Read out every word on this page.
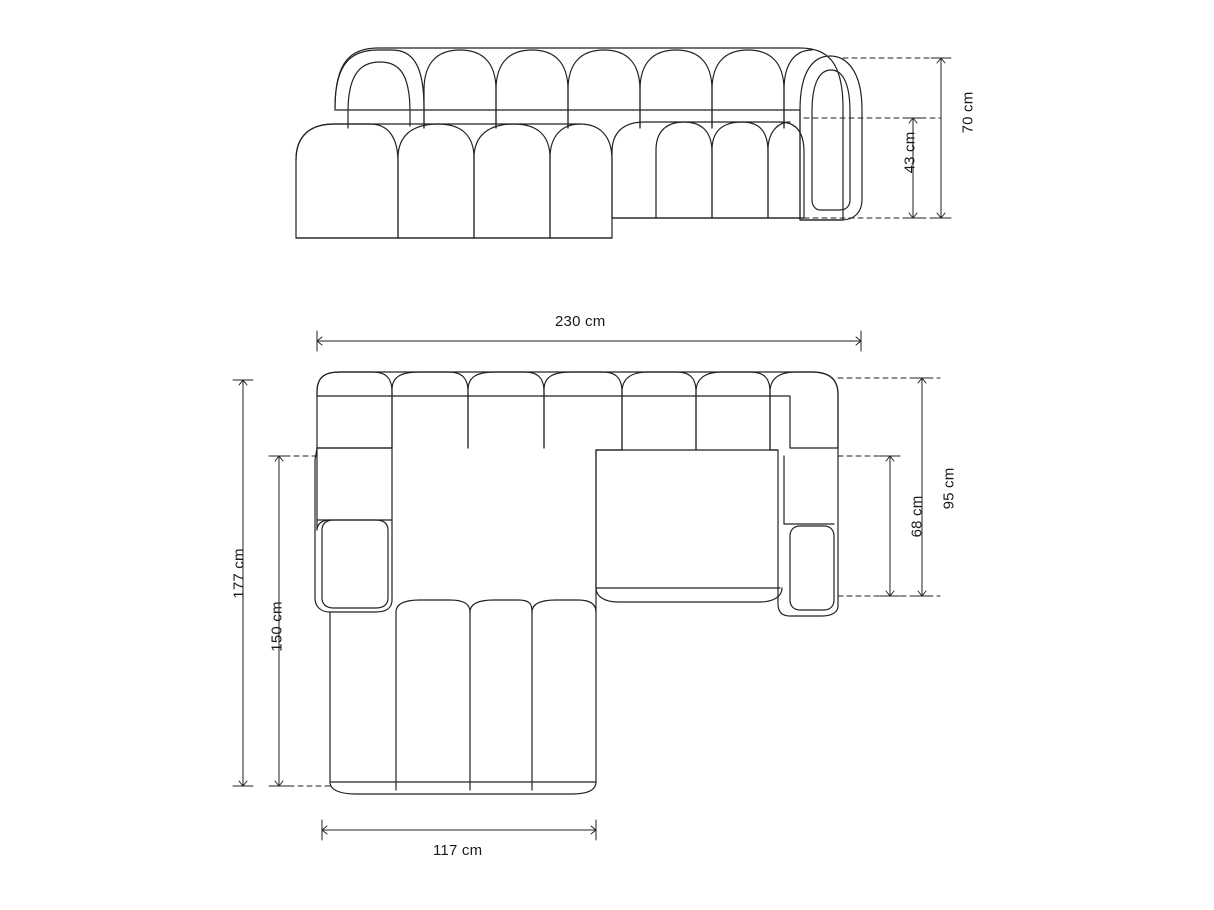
70 cm
43 cm
230 cm
95 cm
68 cm
177 cm
150 cm
117 cm
